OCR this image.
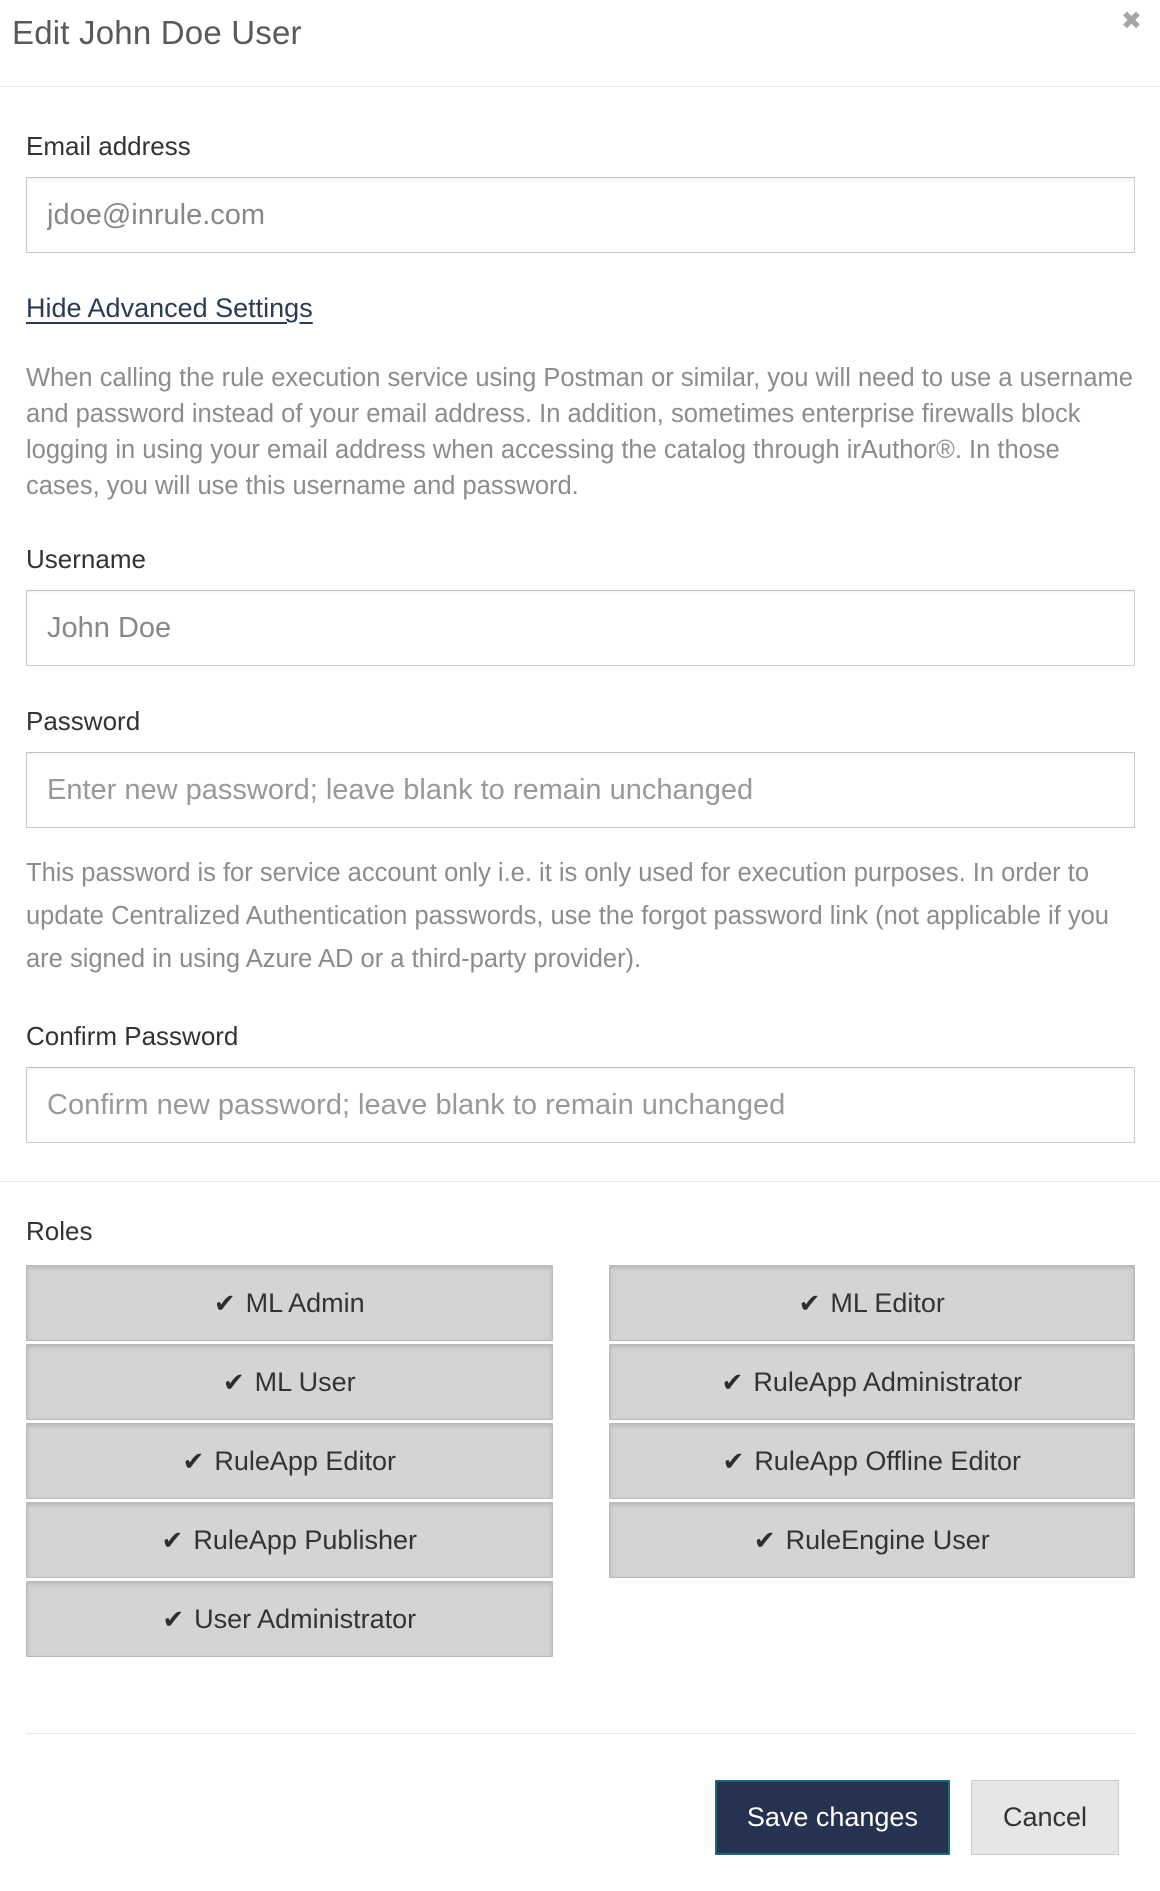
Edit John Doe User	✖
Email address
jdoe@inrule.com Hide Advanced Settings

When calling the rule execution service using Postman or similar, you will need to use a username and password instead of your email address. In addition, sometimes enterprise firewalls block logging in using your email address when accessing the catalog through irAuthor®. In those cases, you will use this username and password.

Username
John Doe
Password
Enter new password; leave blank to remain unchanged

This password is for service account only i.e. it is only used for execution purposes. In order to update Centralized Authentication passwords, use the forgot password link (not applicable if you are signed in using Azure AD or a third-party provider).

Confirm Password
Confirm new password; leave blank to remain unchanged
Roles
✔ ML Admin
✔ ML User
✔ RuleApp Editor
✔ RuleApp Publisher
✔ User Administrator
✔ ML Editor
✔ RuleApp Administrator
✔ RuleApp Offline Editor
✔ RuleEngine User
Save changes	Cancel
